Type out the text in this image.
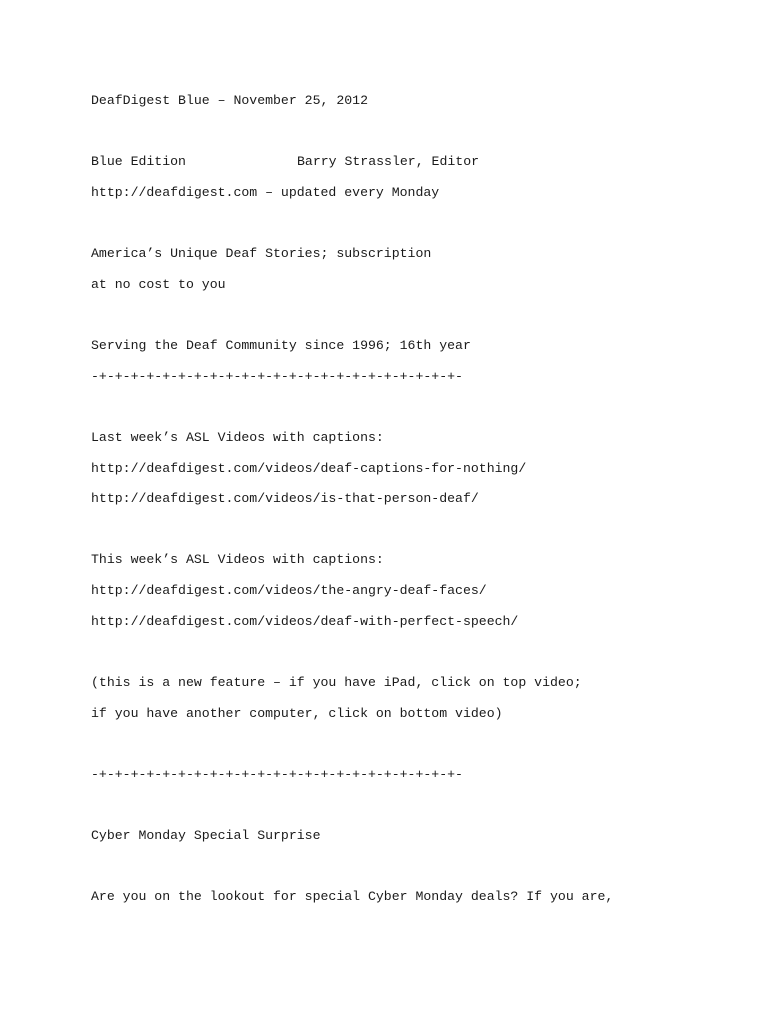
DeafDigest Blue – November 25, 2012

Blue Edition	Barry Strassler, Editor

http://deafdigest.com – updated every Monday

America’s Unique Deaf Stories; subscription

at no cost to you

Serving the Deaf Community since 1996; 16th year

-+-+-+-+-+-+-+-+-+-+-+-+-+-+-+-+-+-+-+-+-+-+-+-

Last week’s ASL Videos with captions:

http://deafdigest.com/videos/deaf-captions-for-nothing/

http://deafdigest.com/videos/is-that-person-deaf/

This week’s ASL Videos with captions:

http://deafdigest.com/videos/the-angry-deaf-faces/

http://deafdigest.com/videos/deaf-with-perfect-speech/

(this is a new feature – if you have iPad, click on top video;

if you have another computer, click on bottom video)

-+-+-+-+-+-+-+-+-+-+-+-+-+-+-+-+-+-+-+-+-+-+-+-

Cyber Monday Special Surprise

Are you on the lookout for special Cyber Monday deals? If you are,
